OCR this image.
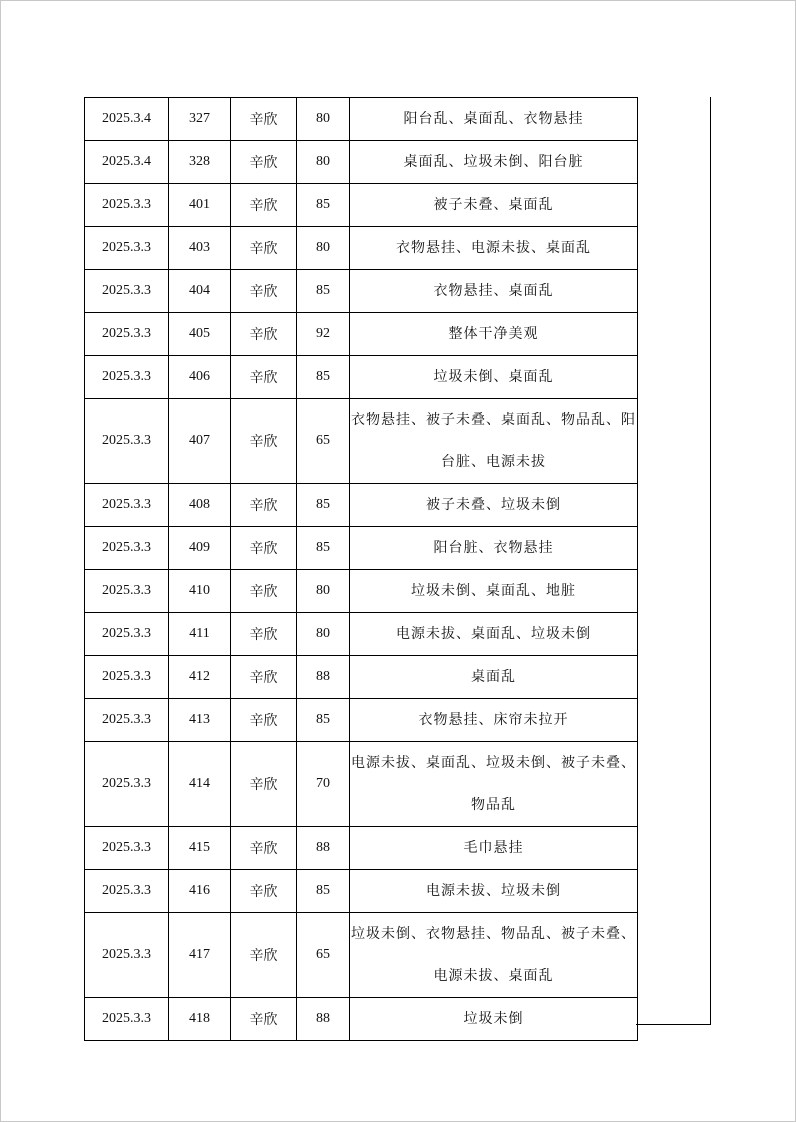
2025.3.4	327	辛欣	80	阳台乱、桌面乱、衣物悬挂
2025.3.4	328	辛欣	80	桌面乱、垃圾未倒、阳台脏
2025.3.3	401	辛欣	85	被子未叠、桌面乱
2025.3.3	403	辛欣	80	衣物悬挂、电源未拔、桌面乱
2025.3.3	404	辛欣	85	衣物悬挂、桌面乱
2025.3.3	405	辛欣	92	整体干净美观
2025.3.3	406	辛欣	85	垃圾未倒、桌面乱
2025.3.3	407	辛欣	65	衣物悬挂、被子未叠、桌面乱、物品乱、阳台脏、电源未拔
2025.3.3	408	辛欣	85	被子未叠、垃圾未倒
2025.3.3	409	辛欣	85	阳台脏、衣物悬挂
2025.3.3	410	辛欣	80	垃圾未倒、桌面乱、地脏
2025.3.3	411	辛欣	80	电源未拔、桌面乱、垃圾未倒
2025.3.3	412	辛欣	88	桌面乱
2025.3.3	413	辛欣	85	衣物悬挂、床帘未拉开
2025.3.3	414	辛欣	70	电源未拔、桌面乱、垃圾未倒、被子未叠、物品乱
2025.3.3	415	辛欣	88	毛巾悬挂
2025.3.3	416	辛欣	85	电源未拔、垃圾未倒
2025.3.3	417	辛欣	65	垃圾未倒、衣物悬挂、物品乱、被子未叠、电源未拔、桌面乱
2025.3.3	418	辛欣	88	垃圾未倒
